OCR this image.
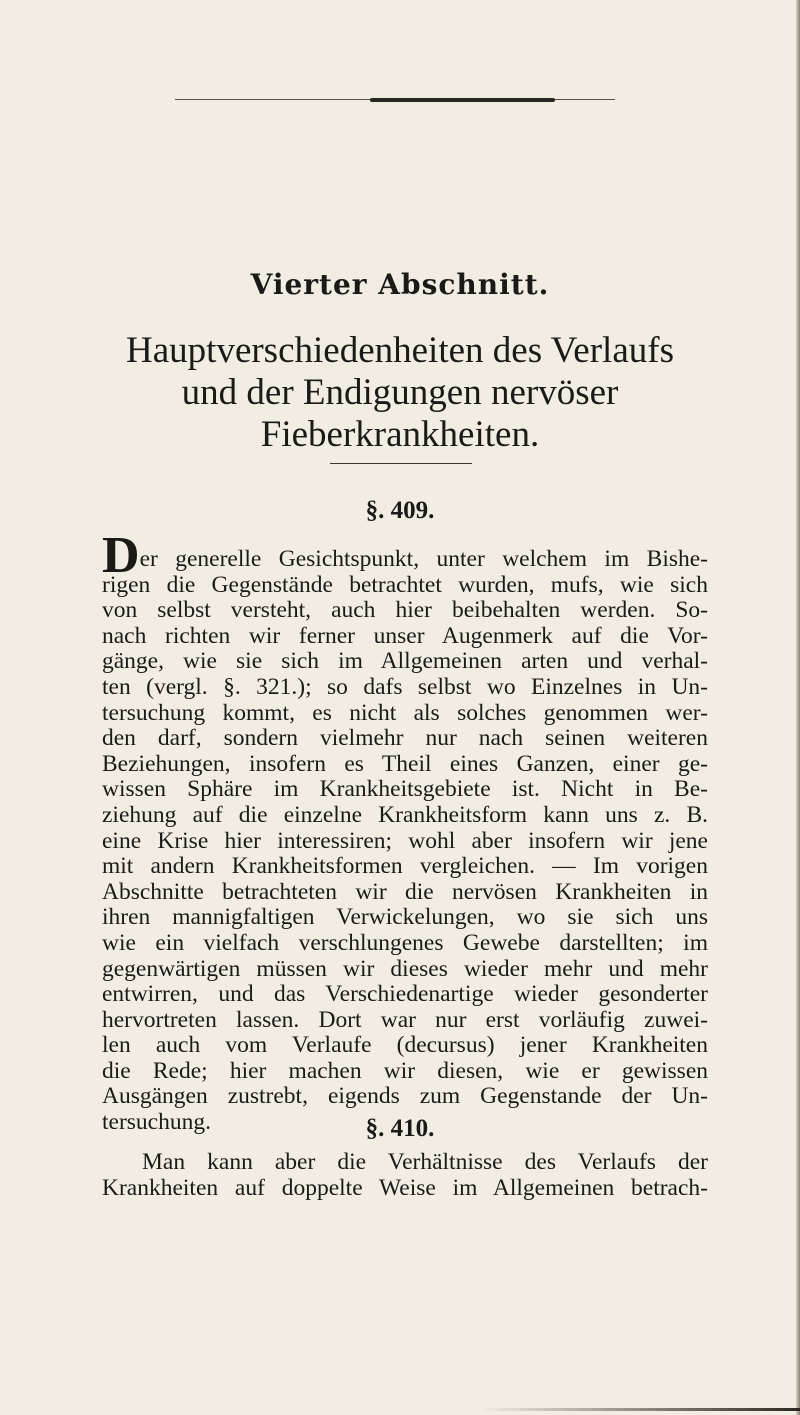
Vierter Abschnitt.
Hauptverschiedenheiten des Verlaufs
und der Endigungen nervöser
Fieberkrankheiten.
§. 409.
Der generelle Gesichtspunkt, unter welchem im Bishe-
rigen die Gegenstände betrachtet wurden, mufs, wie sich
von selbst versteht, auch hier beibehalten werden. So-
nach richten wir ferner unser Augenmerk auf die Vor-
gänge, wie sie sich im Allgemeinen arten und verhal-
ten (vergl. §. 321.); so dafs selbst wo Einzelnes in Un-
tersuchung kommt, es nicht als solches genommen wer-
den darf, sondern vielmehr nur nach seinen weiteren
Beziehungen, insofern es Theil eines Ganzen, einer ge-
wissen Sphäre im Krankheitsgebiete ist. Nicht in Be-
ziehung auf die einzelne Krankheitsform kann uns z. B.
eine Krise hier interessiren; wohl aber insofern wir jene
mit andern Krankheitsformen vergleichen. — Im vorigen
Abschnitte betrachteten wir die nervösen Krankheiten in
ihren mannigfaltigen Verwickelungen, wo sie sich uns
wie ein vielfach verschlungenes Gewebe darstellten; im
gegenwärtigen müssen wir dieses wieder mehr und mehr
entwirren, und das Verschiedenartige wieder gesonderter
hervortreten lassen. Dort war nur erst vorläufig zuwei-
len auch vom Verlaufe (decursus) jener Krankheiten
die Rede; hier machen wir diesen, wie er gewissen
Ausgängen zustrebt, eigends zum Gegenstande der Un-
tersuchung.	§. 410.
Man kann aber die Verhältnisse des Verlaufs der
Krankheiten auf doppelte Weise im Allgemeinen betrach-
